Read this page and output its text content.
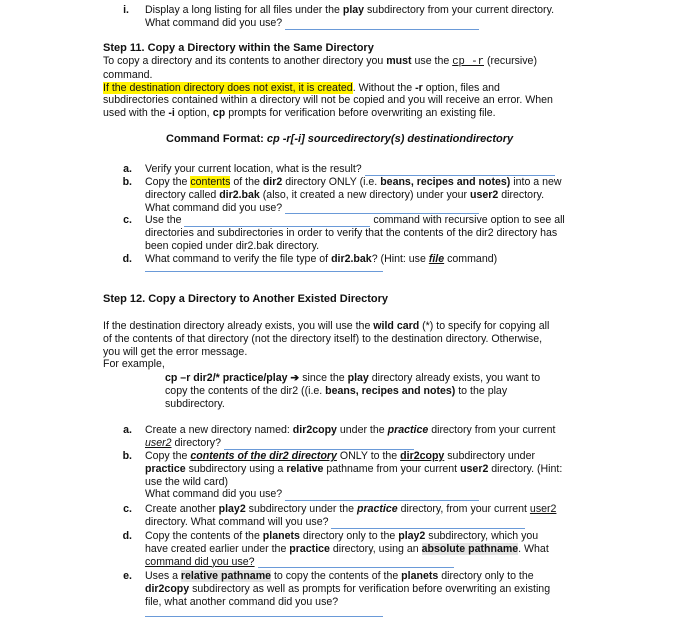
i. Display a long listing for all files under the play subdirectory from your current directory.
What command did you use?
Step 11. Copy a Directory within the Same Directory
To copy a directory and its contents to another directory you must use the cp -r (recursive)
command.
If the destination directory does not exist, it is created. Without the -r option, files and
subdirectories contained within a directory will not be copied and you will receive an error. When
used with the -i option, cp prompts for verification before overwriting an existing file.
Command Format: cp -r[-i] sourcedirectory(s) destinationdirectory
a. Verify your current location, what is the result?
b. Copy the contents of the dir2 directory ONLY (i.e. beans, recipes and notes) into a new
directory called dir2.bak (also, it created a new directory) under your user2 directory.
What command did you use?
c. Use the	command with recursive option to see all
directories and subdirectories in order to verify that the contents of the dir2 directory has
been copied under dir2.bak directory.
d. What command to verify the file type of dir2.bak? (Hint: use file command)
Step 12. Copy a Directory to Another Existed Directory
If the destination directory already exists, you will use the wild card (*) to specify for copying all
of the contents of that directory (not the directory itself) to the destination directory. Otherwise,
you will get the error message.
For example,
cp –r dir2/* practice/play ➔ since the play directory already exists, you want to
copy the contents of the dir2 ((i.e. beans, recipes and notes) to the play
subdirectory.
a. Create a new directory named: dir2copy under the practice directory from your current
user2 directory?
b. Copy the contents of the dir2 directory ONLY to the dir2copy subdirectory under
practice subdirectory using a relative pathname from your current user2 directory. (Hint:
use the wild card)
What command did you use?
c. Create another play2 subdirectory under the practice directory, from your current user2
directory. What command will you use?
d. Copy the contents of the planets directory only to the play2 subdirectory, which you
have created earlier under the practice directory, using an absolute pathname. What
command did you use?
e. Uses a relative pathname to copy the contents of the planets directory only to the
dir2copy subdirectory as well as prompts for verification before overwriting an existing
file, what another command did you use?
